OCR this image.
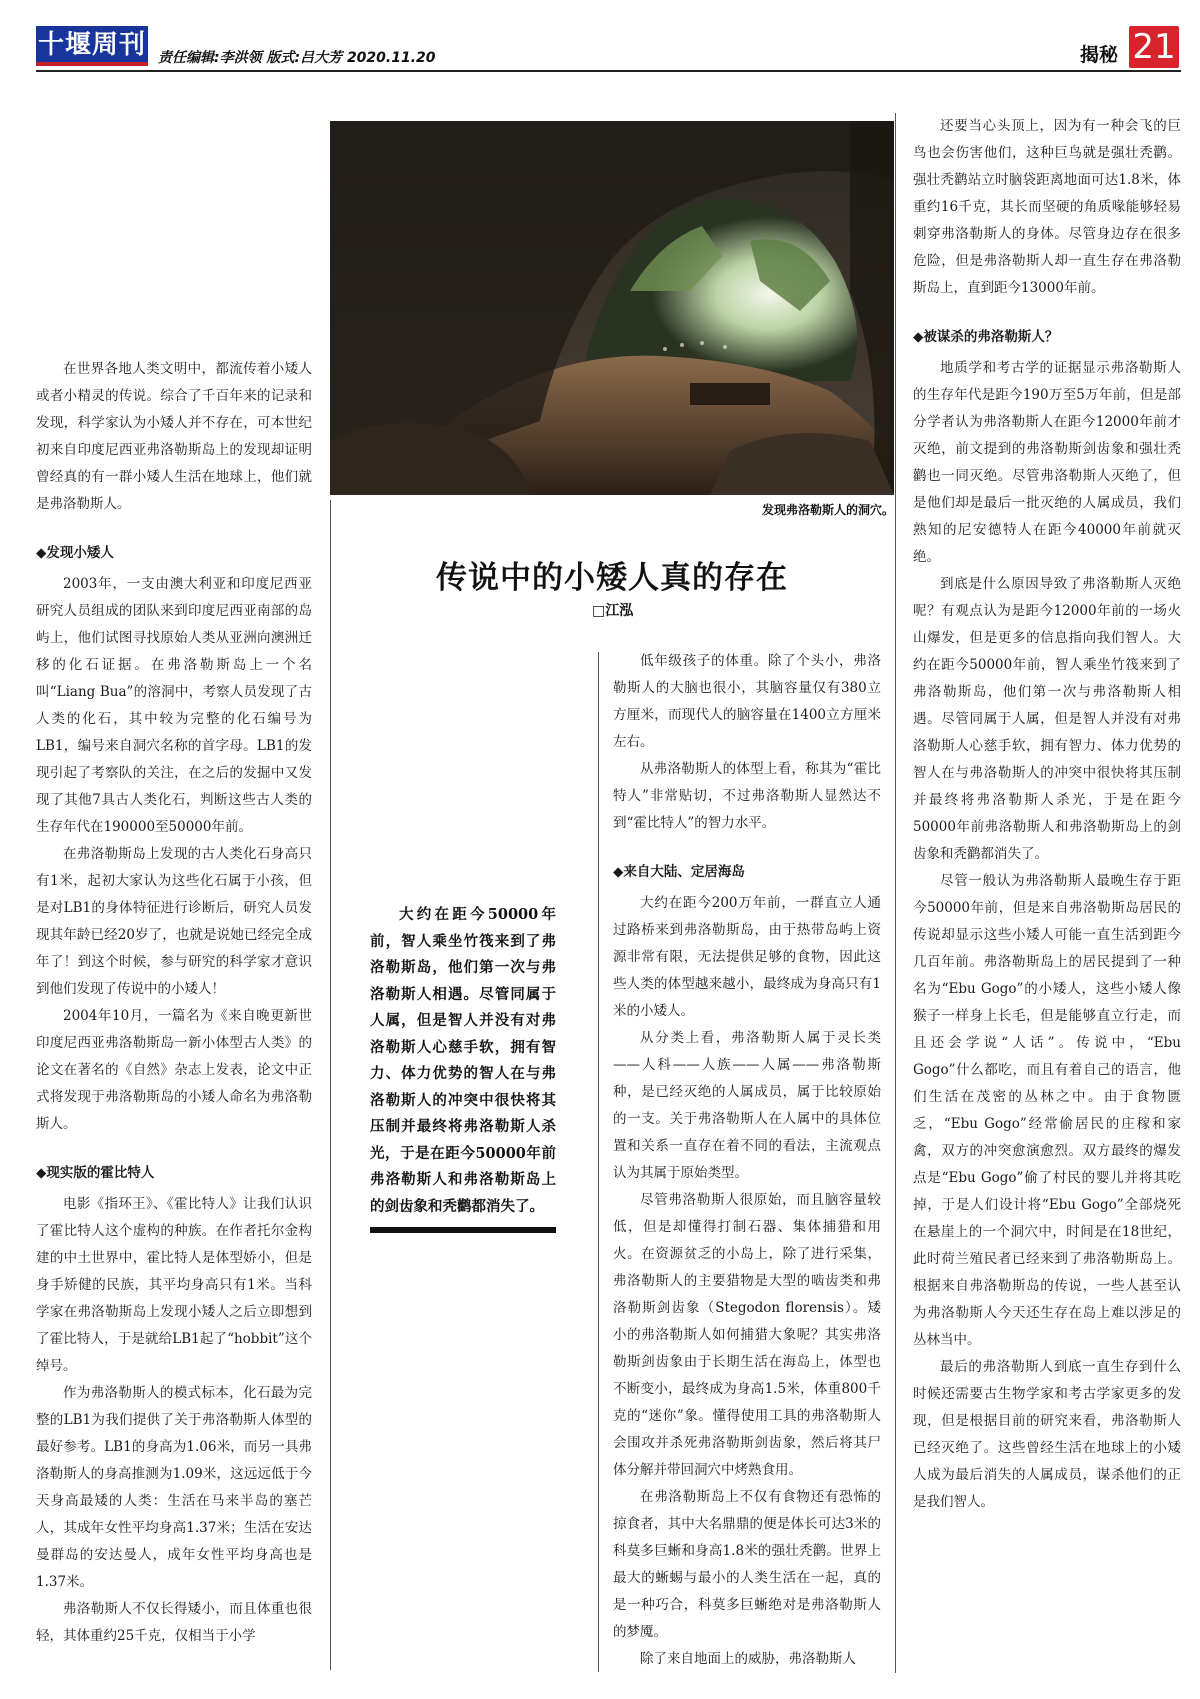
十堰周刊 责任编辑:李洪领 版式:吕大芳 2020.11.20	揭秘 21

在世界各地人类文明中，都流传着小矮人或者小精灵的传说。综合了千百年来的记录和发现，科学家认为小矮人并不存在，可本世纪初来自印度尼西亚弗洛勒斯岛上的发现却证明曾经真的有一群小矮人生活在地球上，他们就是弗洛勒斯人。

◆发现小矮人

2003年，一支由澳大利亚和印度尼西亚研究人员组成的团队来到印度尼西亚南部的岛屿上，他们试图寻找原始人类从亚洲向澳洲迁移的化石证据。在弗洛勒斯岛上一个名叫“Liang Bua”的溶洞中，考察人员发现了古人类的化石，其中较为完整的化石编号为LB1，编号来自洞穴名称的首字母。LB1的发现引起了考察队的关注，在之后的发掘中又发现了其他7具古人类化石，判断这些古人类的生存年代在190000至50000年前。

在弗洛勒斯岛上发现的古人类化石身高只有1米，起初大家认为这些化石属于小孩，但是对LB1的身体特征进行诊断后，研究人员发现其年龄已经20岁了，也就是说她已经完全成年了！到这个时候，参与研究的科学家才意识到他们发现了传说中的小矮人！

2004年10月，一篇名为《来自晚更新世印度尼西亚弗洛勒斯岛一新小体型古人类》的论文在著名的《自然》杂志上发表，论文中正式将发现于弗洛勒斯岛的小矮人命名为弗洛勒斯人。

◆现实版的霍比特人

电影《指环王》、《霍比特人》让我们认识了霍比特人这个虚构的种族。在作者托尔金构建的中土世界中，霍比特人是体型娇小，但是身手矫健的民族，其平均身高只有1米。当科学家在弗洛勒斯岛上发现小矮人之后立即想到了霍比特人，于是就给LB1起了“hobbit”这个绰号。

作为弗洛勒斯人的模式标本，化石最为完整的LB1为我们提供了关于弗洛勒斯人体型的最好参考。LB1的身高为1.06米，而另一具弗洛勒斯人的身高推测为1.09米，这远远低于今天身高最矮的人类：生活在马来半岛的塞芒人，其成年女性平均身高1.37米；生活在安达曼群岛的安达曼人，成年女性平均身高也是1.37米。

弗洛勒斯人不仅长得矮小，而且体重也很轻，其体重约25千克，仅相当于小学

发现弗洛勒斯人的洞穴。
传说中的小矮人真的存在
□江泓

大约在距今50000年前，智人乘坐竹筏来到了弗洛勒斯岛，他们第一次与弗洛勒斯人相遇。尽管同属于人属，但是智人并没有对弗洛勒斯人心慈手软，拥有智力、体力优势的智人在与弗洛勒斯人的冲突中很快将其压制并最终将弗洛勒斯人杀光，于是在距今50000年前弗洛勒斯人和弗洛勒斯岛上的剑齿象和秃鹳都消失了。

低年级孩子的体重。除了个头小，弗洛勒斯人的大脑也很小，其脑容量仅有380立方厘米，而现代人的脑容量在1400立方厘米左右。

从弗洛勒斯人的体型上看，称其为“霍比特人”非常贴切，不过弗洛勒斯人显然达不到“霍比特人”的智力水平。

◆来自大陆、定居海岛

大约在距今200万年前，一群直立人通过路桥来到弗洛勒斯岛，由于热带岛屿上资源非常有限，无法提供足够的食物，因此这些人类的体型越来越小，最终成为身高只有1米的小矮人。

从分类上看，弗洛勒斯人属于灵长类——人科——人族——人属——弗洛勒斯种，是已经灭绝的人属成员，属于比较原始的一支。关于弗洛勒斯人在人属中的具体位置和关系一直存在着不同的看法，主流观点认为其属于原始类型。

尽管弗洛勒斯人很原始，而且脑容量较低，但是却懂得打制石器、集体捕猎和用火。在资源贫乏的小岛上，除了进行采集，弗洛勒斯人的主要猎物是大型的啮齿类和弗洛勒斯剑齿象（Stegodon florensis）。矮小的弗洛勒斯人如何捕猎大象呢？其实弗洛勒斯剑齿象由于长期生活在海岛上，体型也不断变小，最终成为身高1.5米，体重800千克的“迷你”象。懂得使用工具的弗洛勒斯人会围攻并杀死弗洛勒斯剑齿象，然后将其尸体分解并带回洞穴中烤熟食用。

在弗洛勒斯岛上不仅有食物还有恐怖的掠食者，其中大名鼎鼎的便是体长可达3米的科莫多巨蜥和身高1.8米的强壮秃鹳。世界上最大的蜥蜴与最小的人类生活在一起，真的是一种巧合，科莫多巨蜥绝对是弗洛勒斯人的梦魇。

除了来自地面上的威胁，弗洛勒斯人

还要当心头顶上，因为有一种会飞的巨鸟也会伤害他们，这种巨鸟就是强壮秃鹳。强壮秃鹳站立时脑袋距离地面可达1.8米，体重约16千克，其长而坚硬的角质喙能够轻易刺穿弗洛勒斯人的身体。尽管身边存在很多危险，但是弗洛勒斯人却一直生存在弗洛勒斯岛上，直到距今13000年前。

◆被谋杀的弗洛勒斯人？

地质学和考古学的证据显示弗洛勒斯人的生存年代是距今190万至5万年前，但是部分学者认为弗洛勒斯人在距今12000年前才灭绝，前文提到的弗洛勒斯剑齿象和强壮秃鹳也一同灭绝。尽管弗洛勒斯人灭绝了，但是他们却是最后一批灭绝的人属成员，我们熟知的尼安德特人在距今40000年前就灭绝。

到底是什么原因导致了弗洛勒斯人灭绝呢？有观点认为是距今12000年前的一场火山爆发，但是更多的信息指向我们智人。大约在距今50000年前，智人乘坐竹筏来到了弗洛勒斯岛，他们第一次与弗洛勒斯人相遇。尽管同属于人属，但是智人并没有对弗洛勒斯人心慈手软，拥有智力、体力优势的智人在与弗洛勒斯人的冲突中很快将其压制并最终将弗洛勒斯人杀光，于是在距今50000年前弗洛勒斯人和弗洛勒斯岛上的剑齿象和秃鹳都消失了。

尽管一般认为弗洛勒斯人最晚生存于距今50000年前，但是来自弗洛勒斯岛居民的传说却显示这些小矮人可能一直生活到距今几百年前。弗洛勒斯岛上的居民提到了一种名为“Ebu Gogo”的小矮人，这些小矮人像猴子一样身上长毛，但是能够直立行走，而且还会学说“人话”。传说中，“Ebu Gogo”什么都吃，而且有着自己的语言，他们生活在茂密的丛林之中。由于食物匮乏，“Ebu Gogo”经常偷居民的庄稼和家禽，双方的冲突愈演愈烈。双方最终的爆发点是“Ebu Gogo”偷了村民的婴儿并将其吃掉，于是人们设计将“Ebu Gogo”全部烧死在悬崖上的一个洞穴中，时间是在18世纪，此时荷兰殖民者已经来到了弗洛勒斯岛上。根据来自弗洛勒斯岛的传说，一些人甚至认为弗洛勒斯人今天还生存在岛上难以涉足的丛林当中。

最后的弗洛勒斯人到底一直生存到什么时候还需要古生物学家和考古学家更多的发现，但是根据目前的研究来看，弗洛勒斯人已经灭绝了。这些曾经生活在地球上的小矮人成为最后消失的人属成员，谋杀他们的正是我们智人。
